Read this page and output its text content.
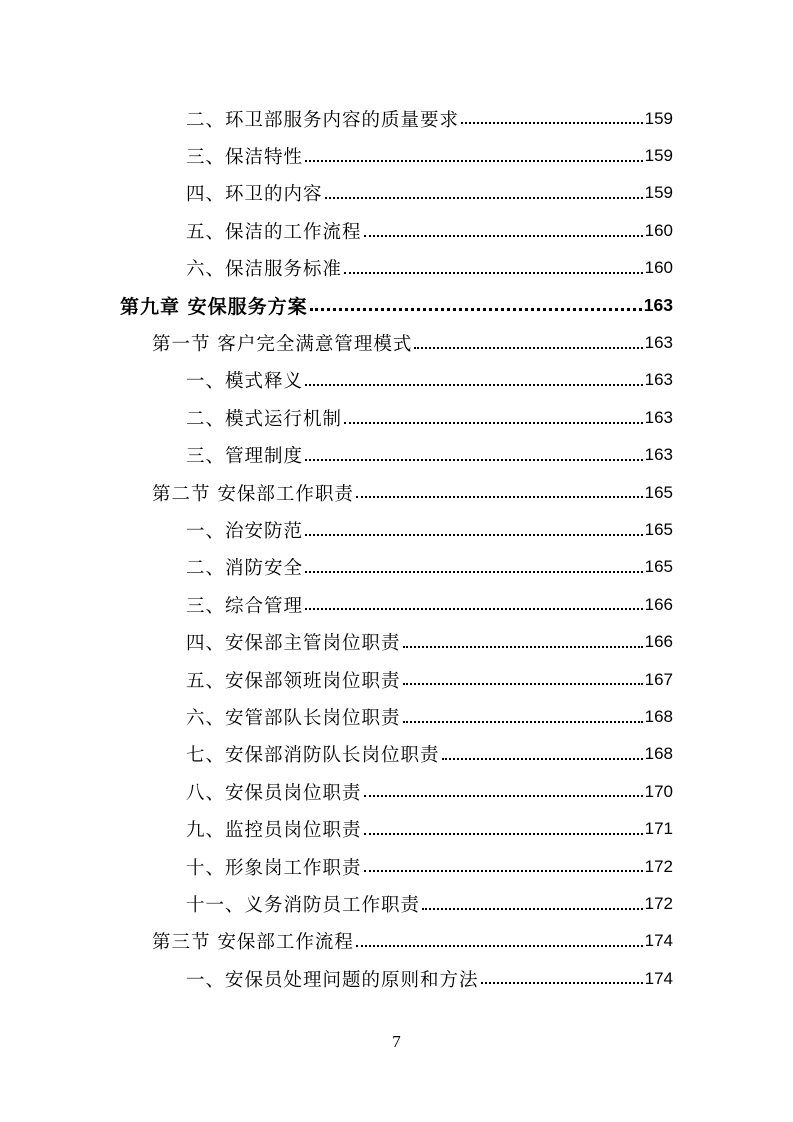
二、环卫部服务内容的质量要求	159
三、保洁特性	159
四、环卫的内容	159
五、保洁的工作流程	160
六、保洁服务标准	160
第九章 安保服务方案	163
第一节 客户完全满意管理模式	163
一、模式释义	163
二、模式运行机制	163
三、管理制度	163
第二节 安保部工作职责	165
一、治安防范	165
二、消防安全	165
三、综合管理	166
四、安保部主管岗位职责	166
五、安保部领班岗位职责	167
六、安管部队长岗位职责	168
七、安保部消防队长岗位职责	168
八、安保员岗位职责	170
九、监控员岗位职责	171
十、形象岗工作职责	172
十一、义务消防员工作职责	172
第三节 安保部工作流程	174
一、安保员处理问题的原则和方法	174
7
